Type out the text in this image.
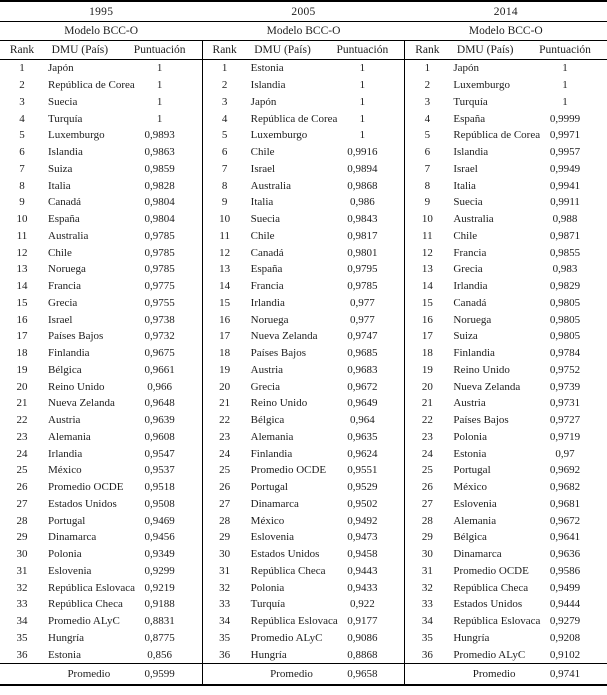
1995	2005	2014
Modelo BCC-O	Modelo BCC-O	Modelo BCC-O
Rank	DMU (País)	Puntuación
1	Japón	1
2	República de Corea	1
3	Suecia	1
4	Turquía	1
5	Luxemburgo	0,9893
6	Islandia	0,9863
7	Suiza	0,9859
8	Italia	0,9828
9	Canadá	0,9804
10	España	0,9804
11	Australia	0,9785
12	Chile	0,9785
13	Noruega	0,9785
14	Francia	0,9775
15	Grecia	0,9755
16	Israel	0,9738
17	Países Bajos	0,9732
18	Finlandia	0,9675
19	Bélgica	0,9661
20	Reino Unido	0,966
21	Nueva Zelanda	0,9648
22	Austria	0,9639
23	Alemania	0,9608
24	Irlandia	0,9547
25	México	0,9537
26	Promedio OCDE	0,9518
27	Estados Unidos	0,9508
28	Portugal	0,9469
29	Dinamarca	0,9456
30	Polonia	0,9349
31	Eslovenia	0,9299
32	República Eslovaca 0,9219
33	República Checa	0,9188
34	Promedio ALyC	0,8831
35	Hungría	0,8775
36	Estonia	0,856
Promedio	0,9599
Rank	DMU (País)	Puntuación
1	Estonia	1
2	Islandia	1
3	Japón	1
4	República de Corea	1
5	Luxemburgo	1
6	Chile	0,9916
7	Israel	0,9894
8	Australia	0,9868
9	Italia	0,986
10	Suecia	0,9843
11	Chile	0,9817
12	Canadá	0,9801
13	España	0,9795
14	Francia	0,9785
15	Irlandia	0,977
16	Noruega	0,977
17	Nueva Zelanda	0,9747
18	Países Bajos	0,9685
19	Austria	0,9683
20	Grecia	0,9672
21	Reino Unido	0,9649
22	Bélgica	0,964
23	Alemania	0,9635
24	Finlandia	0,9624
25	Promedio OCDE	0,9551
26	Portugal	0,9529
27	Dinamarca	0,9502
28	México	0,9492
29	Eslovenia	0,9473
30	Estados Unidos	0,9458
31	República Checa	0,9443
32	Polonia	0,9433
33	Turquía	0,922
34	República Eslovaca 0,9177
35	Promedio ALyC	0,9086
36	Hungría	0,8868
Promedio	0,9658
Rank	DMU (País)	Puntuación
1	Japón	1
2	Luxemburgo	1
3	Turquía	1
4	España	0,9999
5	República de Corea 0,9971
6	Islandia	0,9957
7	Israel	0,9949
8	Italia	0,9941
9	Suecia	0,9911
10	Australia	0,988
11	Chile	0,9871
12	Francia	0,9855
13	Grecia	0,983
14	Irlandia	0,9829
15	Canadá	0,9805
16	Noruega	0,9805
17	Suiza	0,9805
18	Finlandia	0,9784
19	Reino Unido	0,9752
20	Nueva Zelanda	0,9739
21	Austria	0,9731
22	Países Bajos	0,9727
23	Polonia	0,9719
24	Estonia	0,97
25	Portugal	0,9692
26	México	0,9682
27	Eslovenia	0,9681
28	Alemania	0,9672
29	Bélgica	0,9641
30	Dinamarca	0,9636
31	Promedio OCDE	0,9586
32	República Checa	0,9499
33	Estados Unidos	0,9444
34	República Eslovaca 0,9279
35	Hungría	0,9208
36	Promedio ALyC	0,9102
Promedio	0,9741
